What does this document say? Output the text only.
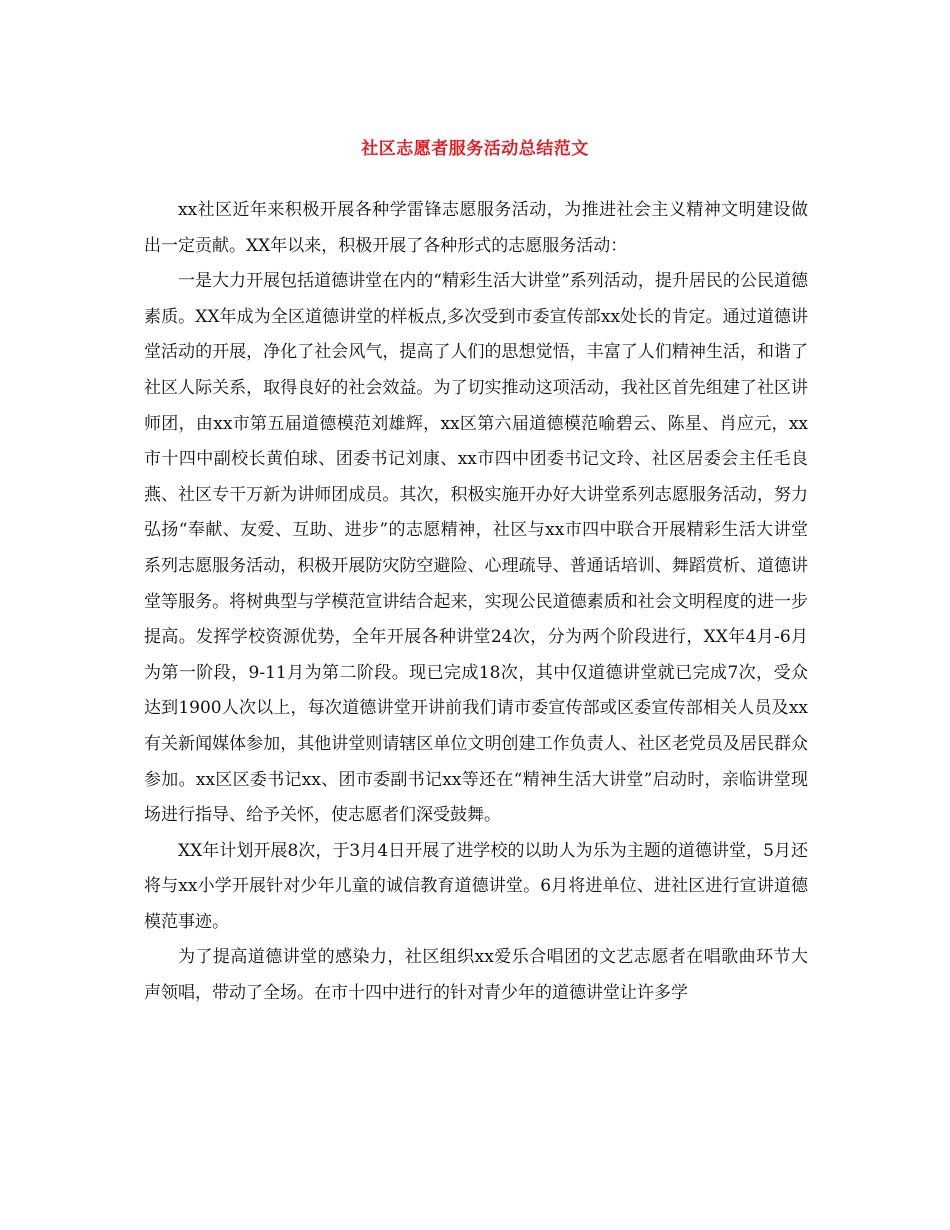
社区志愿者服务活动总结范文

xx社区近年来积极开展各种学雷锋志愿服务活动，为推进社会主义精神文明建设做出一定贡献。XX年以来，积极开展了各种形式的志愿服务活动：

一是大力开展包括道德讲堂在内的“精彩生活大讲堂”系列活动，提升居民的公民道德素质。XX年成为全区道德讲堂的样板点,多次受到市委宣传部xx处长的肯定。通过道德讲堂活动的开展，净化了社会风气，提高了人们的思想觉悟，丰富了人们精神生活，和谐了社区人际关系，取得良好的社会效益。为了切实推动这项活动，我社区首先组建了社区讲师团，由xx市第五届道德模范刘雄辉，xx区第六届道德模范喻碧云、陈星、肖应元，xx市十四中副校长黄伯球、团委书记刘康、xx市四中团委书记文玲、社区居委会主任毛良燕、社区专干万新为讲师团成员。其次，积极实施开办好大讲堂系列志愿服务活动，努力弘扬“奉献、友爱、互助、进步”的志愿精神，社区与xx市四中联合开展精彩生活大讲堂系列志愿服务活动，积极开展防灾防空避险、心理疏导、普通话培训、舞蹈赏析、道德讲堂等服务。将树典型与学模范宣讲结合起来，实现公民道德素质和社会文明程度的进一步提高。发挥学校资源优势，全年开展各种讲堂24次，分为两个阶段进行，XX年4月-6月为第一阶段，9-11月为第二阶段。现已完成18次，其中仅道德讲堂就已完成7次，受众达到1900人次以上，每次道德讲堂开讲前我们请市委宣传部或区委宣传部相关人员及xx有关新闻媒体参加，其他讲堂则请辖区单位文明创建工作负责人、社区老党员及居民群众参加。xx区区委书记xx、团市委副书记xx等还在“精神生活大讲堂”启动时，亲临讲堂现场进行指导、给予关怀，使志愿者们深受鼓舞。

XX年计划开展8次，于3月4日开展了进学校的以助人为乐为主题的道德讲堂，5月还将与xx小学开展针对少年儿童的诚信教育道德讲堂。6月将进单位、进社区进行宣讲道德模范事迹。

为了提高道德讲堂的感染力，社区组织xx爱乐合唱团的文艺志愿者在唱歌曲环节大声领唱，带动了全场。在市十四中进行的针对青少年的道德讲堂让许多学
